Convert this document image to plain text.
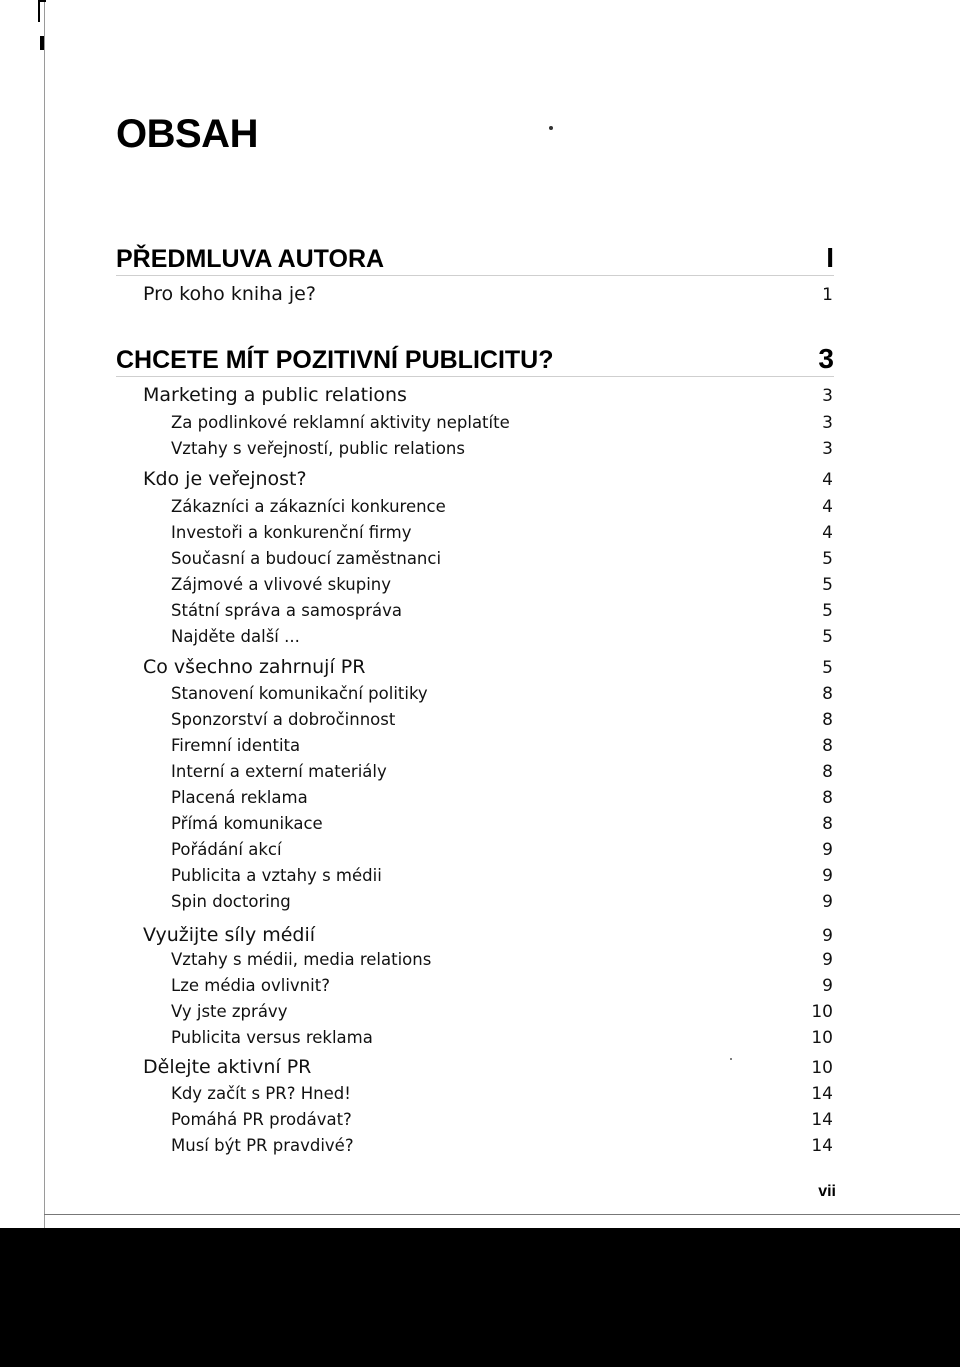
OBSAH
PŘEDMLUVA AUTORA	I
Pro koho kniha je?	1
CHCETE MÍT POZITIVNÍ PUBLICITU?	3
Marketing a public relations	3
Za podlinkové reklamní aktivity neplatíte	3
Vztahy s veřejností, public relations	3
Kdo je veřejnost?	4
Zákazníci a zákazníci konkurence	4
Investoři a konkurenční firmy	4
Současní a budoucí zaměstnanci	5
Zájmové a vlivové skupiny	5
Státní správa a samospráva	5
Najděte další ...	5
Co všechno zahrnují PR	5
Stanovení komunikační politiky	8
Sponzorství a dobročinnost	8
Firemní identita	8
Interní a externí materiály	8
Placená reklama	8
Přímá komunikace	8
Pořádání akcí	9
Publicita a vztahy s médii	9
Spin doctoring	9
Využijte síly médií	9
Vztahy s médii, media relations	9
Lze média ovlivnit?	9
Vy jste zprávy	10
Publicita versus reklama	10
Dělejte aktivní PR	10
Kdy začít s PR? Hned!	14
Pomáhá PR prodávat?	14
Musí být PR pravdivé?	14
vii
